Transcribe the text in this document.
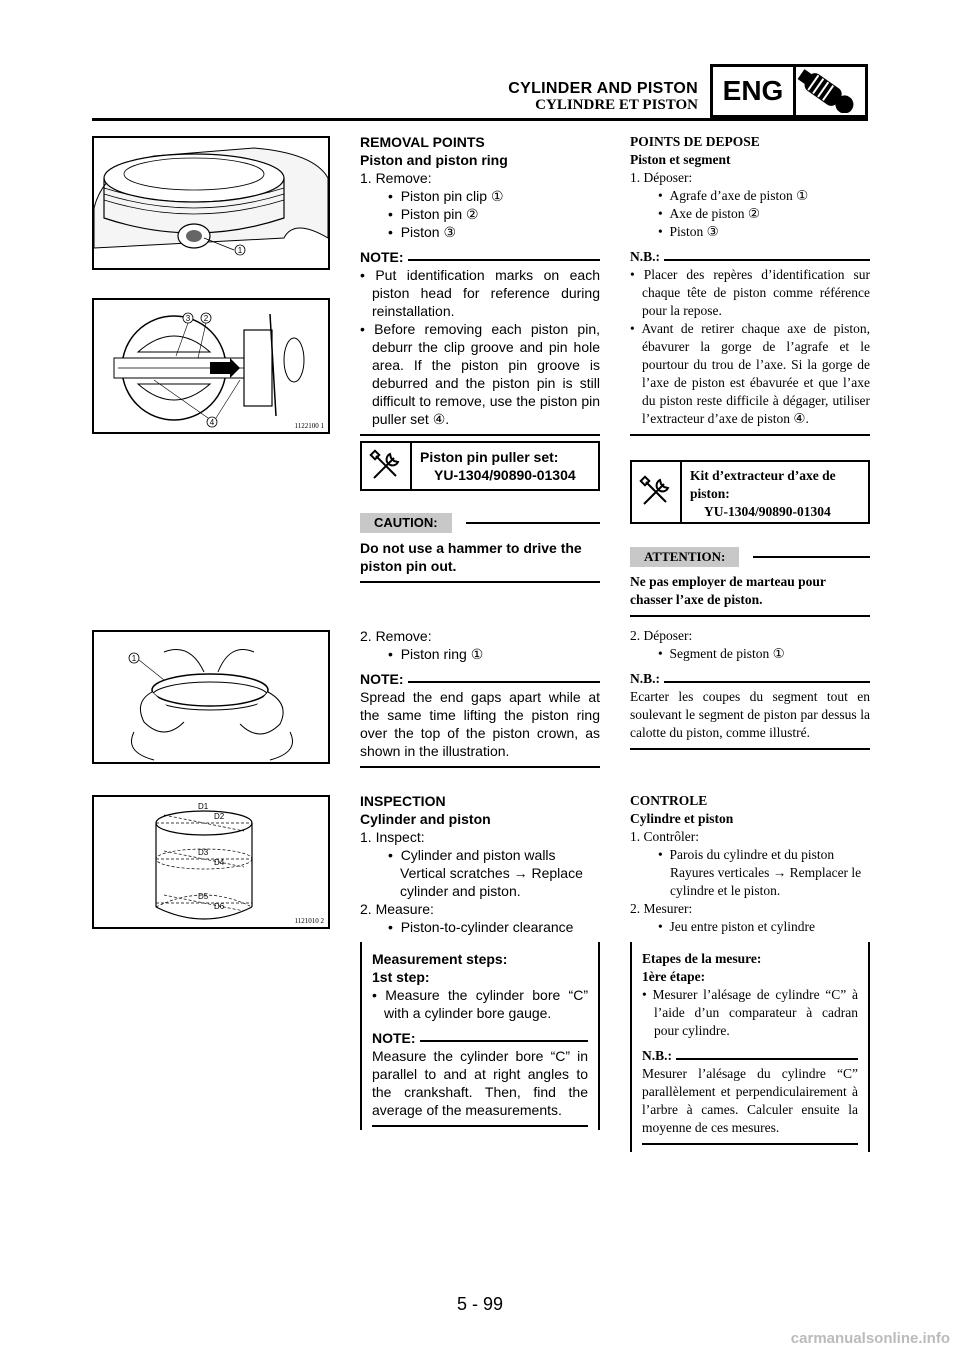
CYLINDER AND PISTON
CYLINDRE ET PISTON ENG
1
3 2
4	1122100 1
1
D1
D2
D3
D4
D5
D6
1121010 2
REMOVAL POINTS
Piston and piston ring
1. Remove:
•  Piston pin clip ①
•  Piston pin ②
•  Piston ③
NOTE:
• Put identification marks on each piston head for reference during reinstallation.
• Before removing each piston pin, deburr the clip groove and pin hole area. If the piston pin groove is deburred and the piston pin is still difficult to remove, use the piston pin puller set ④.
Piston pin puller set:
YU-1304/90890-01304
CAUTION:
Do not use a hammer to drive the piston pin out.
2. Remove:
•  Piston ring ①
NOTE:
Spread the end gaps apart while at the same time lifting the piston ring over the top of the piston crown, as shown in the illustration.
INSPECTION
Cylinder and piston
1. Inspect:
•  Cylinder and piston walls
Vertical scratches → Replace cylinder and piston.
2. Measure:
•  Piston-to-cylinder clearance
Measurement steps:
1st step:
• Measure the cylinder bore “C” with a cylinder bore gauge.
NOTE:
Measure the cylinder bore “C” in parallel to and at right angles to the crankshaft. Then, find the average of the measurements.
POINTS DE DEPOSE
Piston et segment
1. Déposer:
•  Agrafe d’axe de piston ①
•  Axe de piston ②
•  Piston ③
N.B.:
• Placer des repères d’identification sur chaque tête de piston comme référence pour la repose.
• Avant de retirer chaque axe de piston, ébavurer la gorge de l’agrafe et le pourtour du trou de l’axe. Si la gorge de l’axe de piston est ébavurée et que l’axe du piston reste difficile à dégager, utiliser l’extracteur d’axe de piston ④.
Kit d’extracteur d’axe de piston:
YU-1304/90890-01304
ATTENTION:
Ne pas employer de marteau pour chasser l’axe de piston.
2. Déposer:
•  Segment de piston ①
N.B.:
Ecarter les coupes du segment tout en soulevant le segment de piston par dessus la calotte du piston, comme illustré.
CONTROLE
Cylindre et piston
1. Contrôler:
•  Parois du cylindre et du piston
Rayures verticales → Remplacer le cylindre et le piston.
2. Mesurer:
•  Jeu entre piston et cylindre
Etapes de la mesure:
1ère étape:
• Mesurer l’alésage de cylindre “C” à l’aide d’un comparateur à cadran pour cylindre.
N.B.:
Mesurer l’alésage du cylindre “C” parallèlement et perpendiculairement à l’arbre à cames. Calculer ensuite la moyenne de ces mesures.
5 - 99
carmanualsonline.info
